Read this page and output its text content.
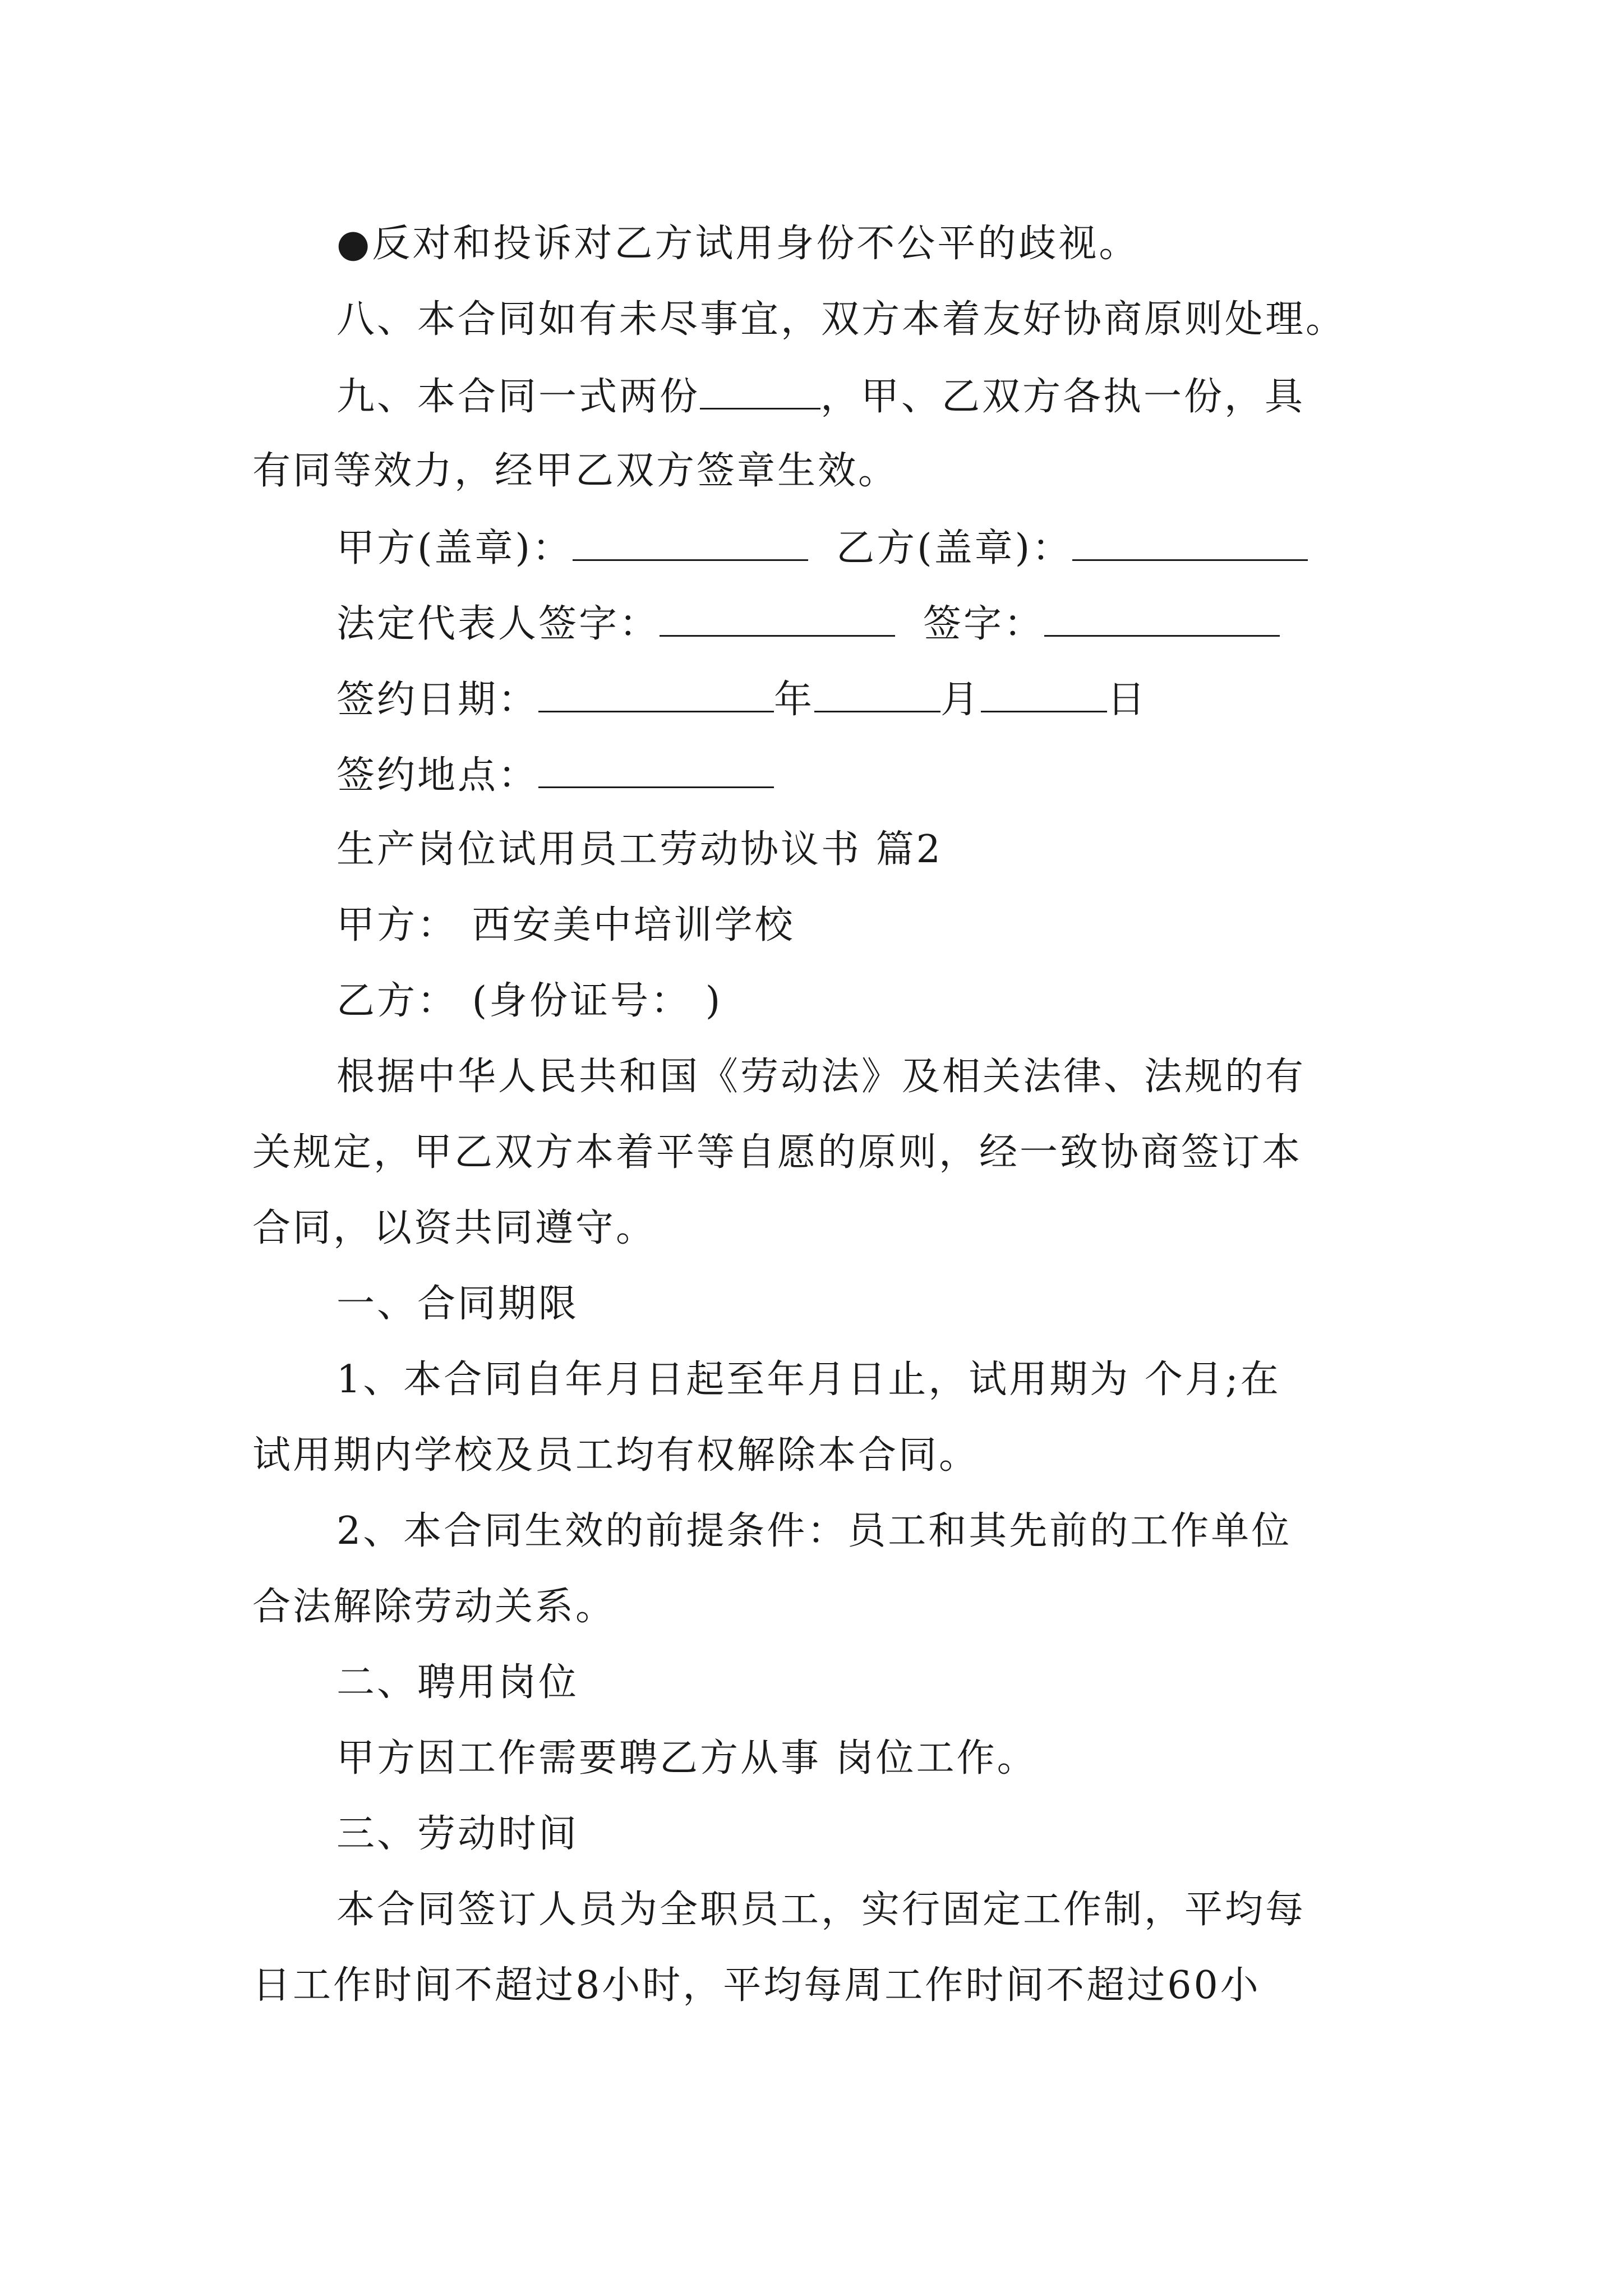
●反对和投诉对乙方试用身份不公平的歧视。
八、本合同如有未尽事宜，双方本着友好协商原则处理。
九、本合同一式两份	，甲、乙双方各执一份，具
有同等效力，经甲乙双方签章生效。
甲方(盖章)：	乙方(盖章)：
法定代表人签字：	签字：
签约日期：	年	月	日
签约地点：
生产岗位试用员工劳动协议书 篇2
甲方： 西安美中培训学校
乙方： (身份证号： )
根据中华人民共和国《劳动法》及相关法律、法规的有
关规定，甲乙双方本着平等自愿的原则，经一致协商签订本
合同，以资共同遵守。
一、合同期限
1、本合同自年月日起至年月日止，试用期为 个月;在
试用期内学校及员工均有权解除本合同。
2、本合同生效的前提条件：员工和其先前的工作单位
合法解除劳动关系。
二、聘用岗位
甲方因工作需要聘乙方从事 岗位工作。
三、劳动时间
本合同签订人员为全职员工，实行固定工作制，平均每
日工作时间不超过8小时，平均每周工作时间不超过60小
